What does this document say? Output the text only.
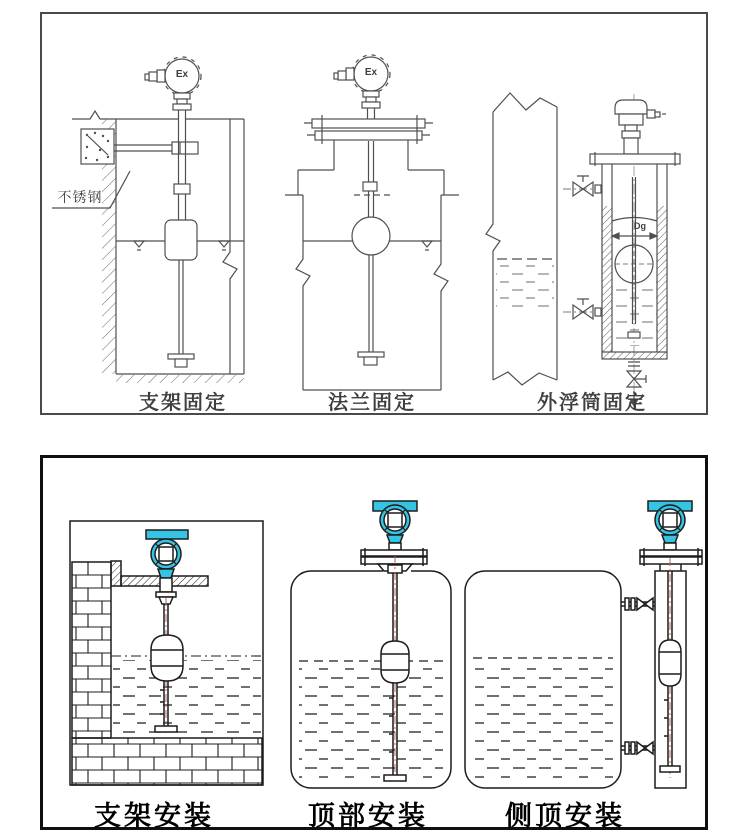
Ex	Ex
Dg
不锈钢
支架固定	法兰固定	外浮筒固定
支架安装	顶部安装	侧顶安装
